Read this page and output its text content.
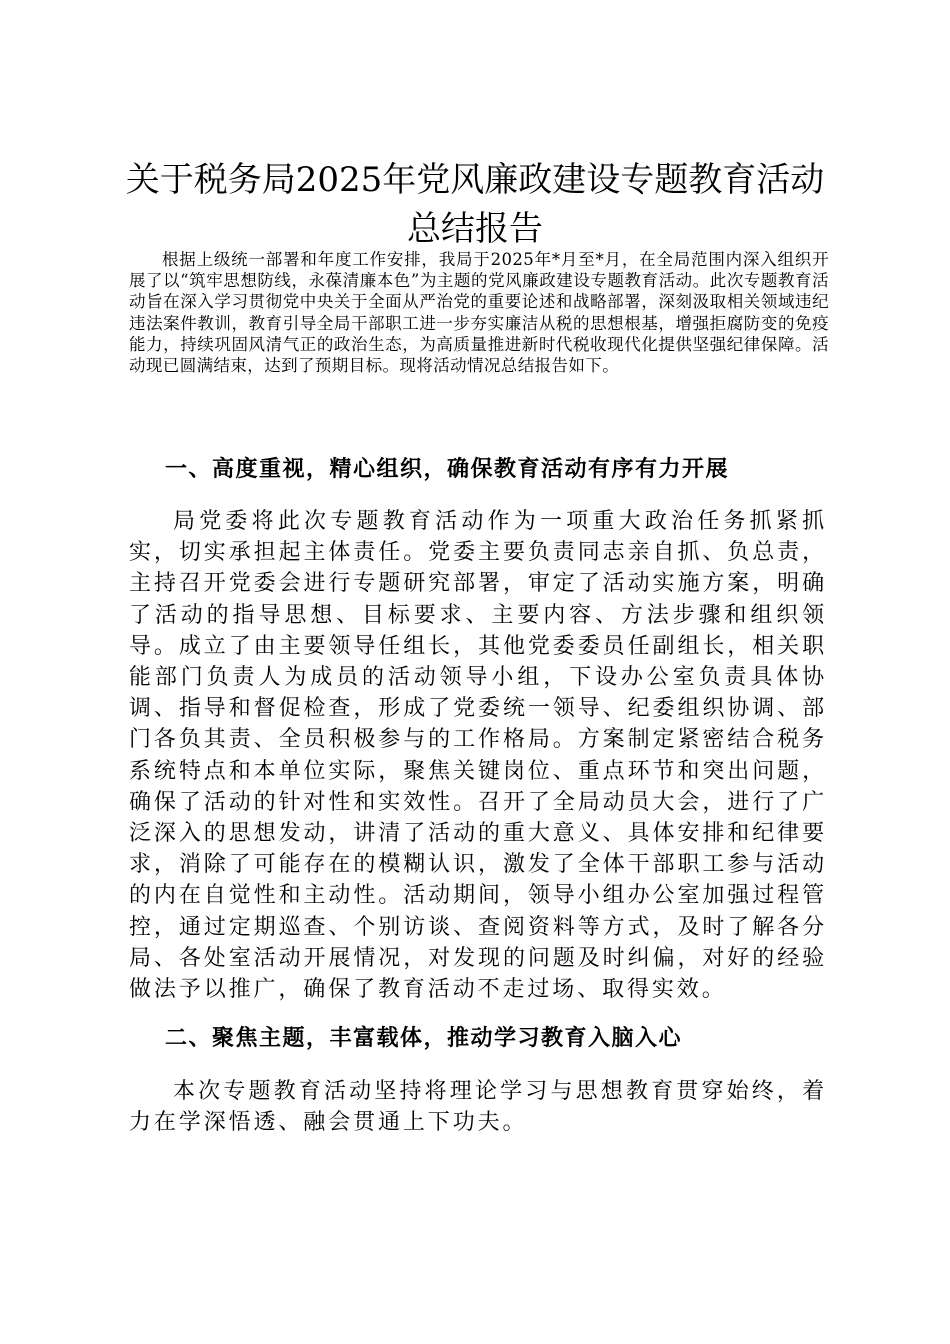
关于税务局2025年党风廉政建设专题教育活动总结报告

根据上级统一部署和年度工作安排，我局于2025年*月至*月，在全局范围内深入组织开展了以“筑牢思想防线，永葆清廉本色”为主题的党风廉政建设专题教育活动。此次专题教育活动旨在深入学习贯彻党中央关于全面从严治党的重要论述和战略部署，深刻汲取相关领域违纪违法案件教训，教育引导全局干部职工进一步夯实廉洁从税的思想根基，增强拒腐防变的免疫能力，持续巩固风清气正的政治生态，为高质量推进新时代税收现代化提供坚强纪律保障。活动现已圆满结束，达到了预期目标。现将活动情况总结报告如下。

一、高度重视，精心组织，确保教育活动有序有力开展

局党委将此次专题教育活动作为一项重大政治任务抓紧抓实，切实承担起主体责任。党委主要负责同志亲自抓、负总责，主持召开党委会进行专题研究部署，审定了活动实施方案，明确了活动的指导思想、目标要求、主要内容、方法步骤和组织领导。成立了由主要领导任组长，其他党委委员任副组长，相关职能部门负责人为成员的活动领导小组，下设办公室负责具体协调、指导和督促检查，形成了党委统一领导、纪委组织协调、部门各负其责、全员积极参与的工作格局。方案制定紧密结合税务系统特点和本单位实际，聚焦关键岗位、重点环节和突出问题，确保了活动的针对性和实效性。召开了全局动员大会，进行了广泛深入的思想发动，讲清了活动的重大意义、具体安排和纪律要求，消除了可能存在的模糊认识，激发了全体干部职工参与活动的内在自觉性和主动性。活动期间，领导小组办公室加强过程管控，通过定期巡查、个别访谈、查阅资料等方式，及时了解各分局、各处室活动开展情况，对发现的问题及时纠偏，对好的经验做法予以推广，确保了教育活动不走过场、取得实效。

二、聚焦主题，丰富载体，推动学习教育入脑入心

本次专题教育活动坚持将理论学习与思想教育贯穿始终，着力在学深悟透、融会贯通上下功夫。
